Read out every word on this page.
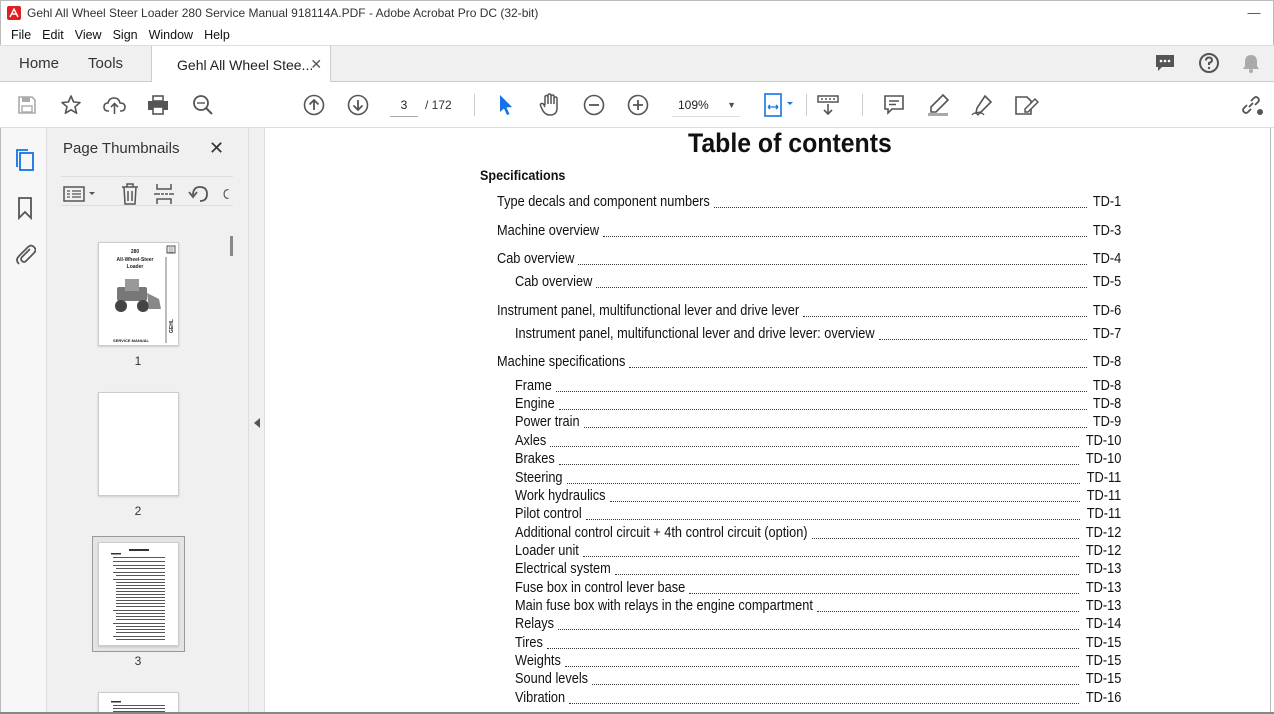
Gehl All Wheel Steer Loader 280 Service Manual 918114A.PDF - Adobe Acrobat Pro DC (32-bit)	—
File Edit View Sign Window Help
Home	Tools	Gehl All Wheel Stee...
✕
3	/ 172	109% ▼
Page Thumbnails ✕
280
All-Wheel-Steer
Loader
GEHL
SERVICE MANUAL
1
2
3
Table of contents
Specifications
Type decals and component numbers	TD-1
Machine overview	TD-3
Cab overview	TD-4
Cab overview	TD-5
Instrument panel, multifunctional lever and drive lever	TD-6
Instrument panel, multifunctional lever and drive lever: overview	TD-7
Machine specifications	TD-8
Frame	TD-8
Engine	TD-8
Power train	TD-9
Axles	TD-10
Brakes	TD-10
Steering	TD-11
Work hydraulics	TD-11
Pilot control	TD-11
Additional control circuit + 4th control circuit (option)	TD-12
Loader unit	TD-12
Electrical system	TD-13
Fuse box in control lever base	TD-13
Main fuse box with relays in the engine compartment	TD-13
Relays	TD-14
Tires	TD-15
Weights	TD-15
Sound levels	TD-15
Vibration	TD-16
